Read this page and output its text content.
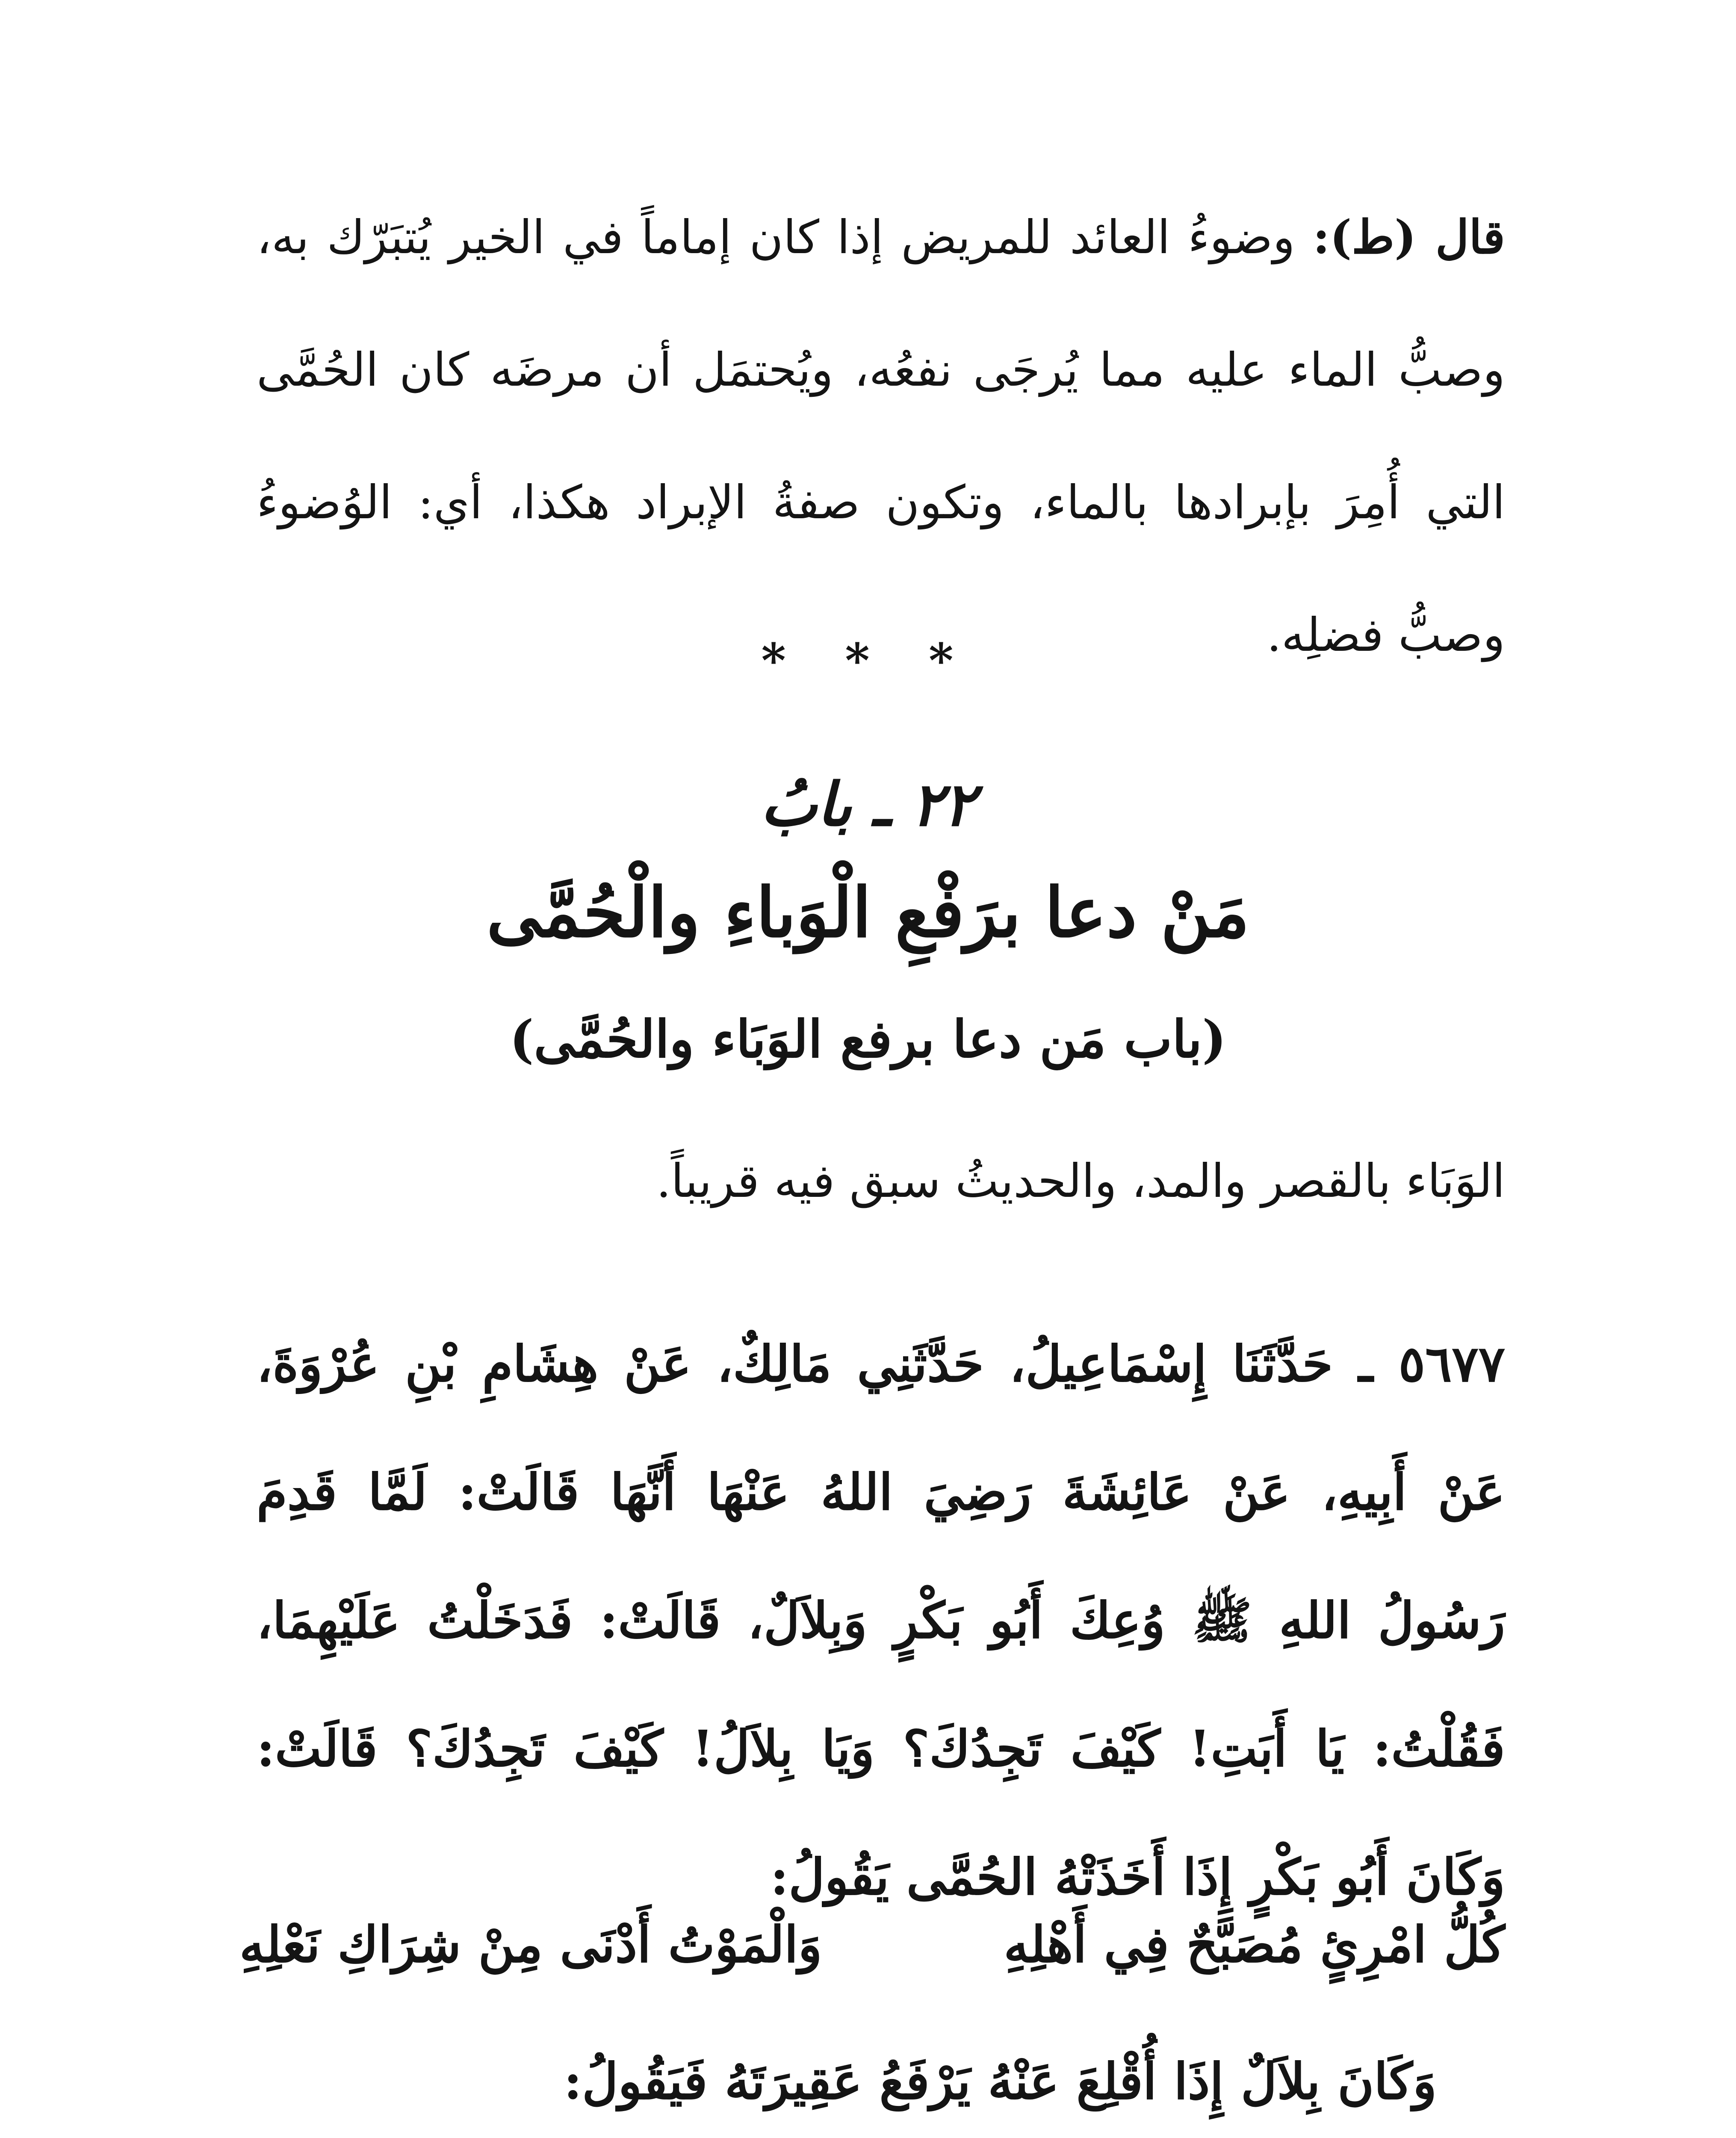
قال (ط): وضوءُ العائد للمريض إذا كان إماماً في الخير يُتبَرّك به، وصبُّ الماء عليه مما يُرجَى نفعُه، ويُحتمَل أن مرضَه كان الحُمَّى التي أُمِرَ بإبرادها بالماء، وتكون صفةُ الإبراد هكذا، أي: الوُضوءُ وصبُّ فضلِه.
* * *
٢٢ ـ بابُ
مَنْ دعا برَفْعِ الْوَباءِ والْحُمَّى
(باب مَن دعا برفع الوَبَاء والحُمَّى)
الوَبَاء بالقصر والمد، والحديثُ سبق فيه قريباً.
٥٦٧٧ ـ حَدَّثَنَا إِسْمَاعِيلُ، حَدَّثَنِي مَالِكٌ، عَنْ هِشَامِ بْنِ عُرْوَةَ، عَنْ أَبِيهِ، عَنْ عَائِشَةَ رَضِيَ اللهُ عَنْهَا أَنَّهَا قَالَتْ: لَمَّا قَدِمَ رَسُولُ اللهِ ﷺ وُعِكَ أَبُو بَكْرٍ وَبِلاَلٌ، قَالَتْ: فَدَخَلْتُ عَلَيْهِمَا، فَقُلْتُ: يَا أَبَتِ! كَيْفَ تَجِدُكَ؟ وَيَا بِلاَلُ! كَيْفَ تَجِدُكَ؟ قَالَتْ: وَكَانَ أَبُو بَكْرٍ إِذَا أَخَذَتْهُ الحُمَّى يَقُولُ:
كُلُّ امْرِئٍ مُصَبَّحٌ فِي أَهْلِهِ
وَالْمَوْتُ أَدْنَى مِنْ شِرَاكِ نَعْلِهِ
وَكَانَ بِلاَلٌ إِذَا أُقْلِعَ عَنْهُ يَرْفَعُ عَقِيرَتَهُ فَيَقُولُ:
